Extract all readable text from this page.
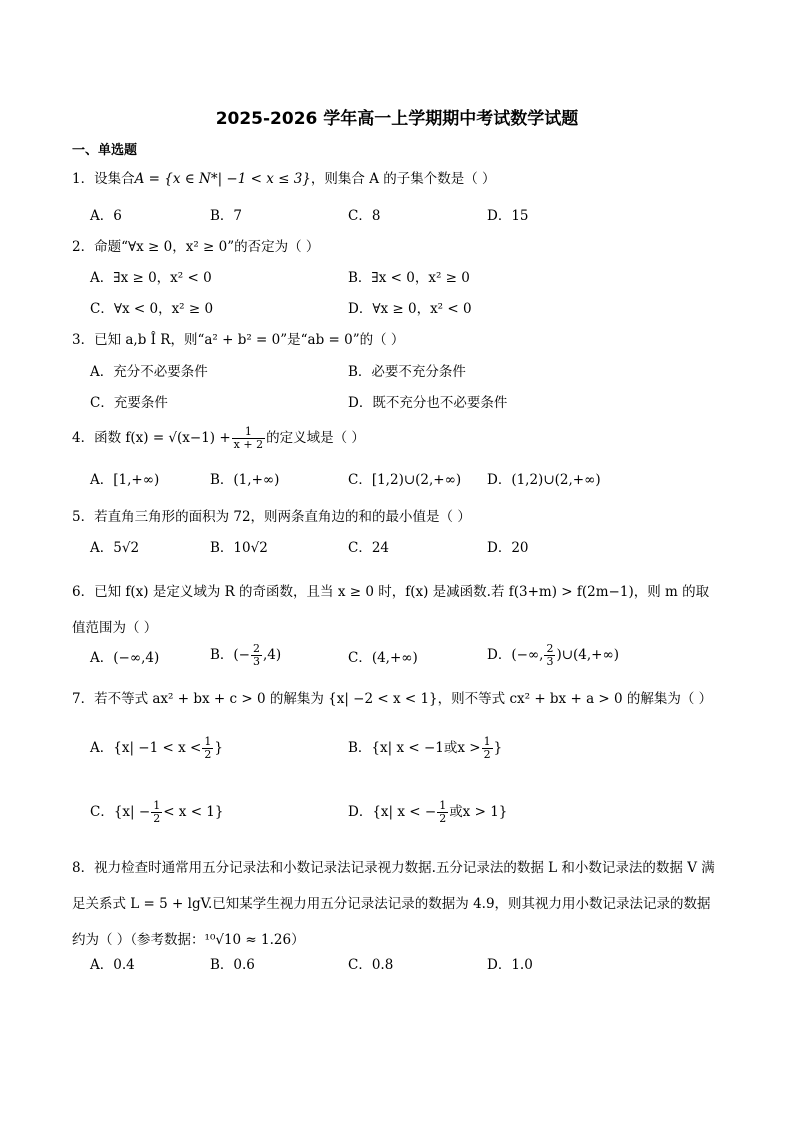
2025-2026 学年高一上学期期中考试数学试题
一、单选题
1．设集合A = {x ∈ N*| −1 < x ≤ 3}，则集合 A 的子集个数是（ ）
A．6	B．7	C．8	D．15
2．命题“∀x ≥ 0，x² ≥ 0”的否定为（ ）
A．∃x ≥ 0，x² < 0	B．∃x < 0，x² ≥ 0
C．∀x < 0，x² ≥ 0	D．∀x ≥ 0，x² < 0
3．已知 a,b Î R，则“a² + b² = 0”是“ab = 0”的（ ）
A．充分不必要条件	B．必要不充分条件
C．充要条件	D．既不充分也不必要条件
4．函数 $f(x) = √(x-1) + \frac{1}{x + 2}$ 的定义域是（ ）
A．[1,+∞)	B．(1,+∞)	C．[1,2)∪(2,+∞) D．(1,2)∪(2,+∞)
5．若直角三角形的面积为 72，则两条直角边的和的最小值是（ ）
A．5√2	B．10√2	C．24	D．20
6．已知 f(x) 是定义域为 R 的奇函数，且当 x ≥ 0 时，f(x) 是减函数.若 f(3+m) > f(2m−1)，则 m 的取值范围为（ ）
A．(−∞,4)	B．(− $\frac{2}{3} ,4$)	C．(4,+∞)	D．(−∞, $\frac{2}{3}$ )∪(4,+∞)
7．若不等式 ax² + bx + c > 0 的解集为 {x| −2 < x < 1}，则不等式 cx² + bx + a > 0 的解集为（ ）
A．{$x| -1 < x < \frac{1}{2}$ }	B．{x| x < −1或$x > \frac{1}{2}$ }
C．$\{x| - \frac{1}{2} < x < 1\}$	D．{x| x < − $\frac{1}{2}$ 或x > 1}
8．视力检查时通常用五分记录法和小数记录法记录视力数据.五分记录法的数据 L 和小数记录法的数据 V 满足关系式 L = 5 + lgV.已知某学生视力用五分记录法记录的数据为 4.9，则其视力用小数记录法记录的数据约为（ ）（参考数据：¹⁰√10 ≈ 1.26）
A．0.4	B．0.6	C．0.8	D．1.0
